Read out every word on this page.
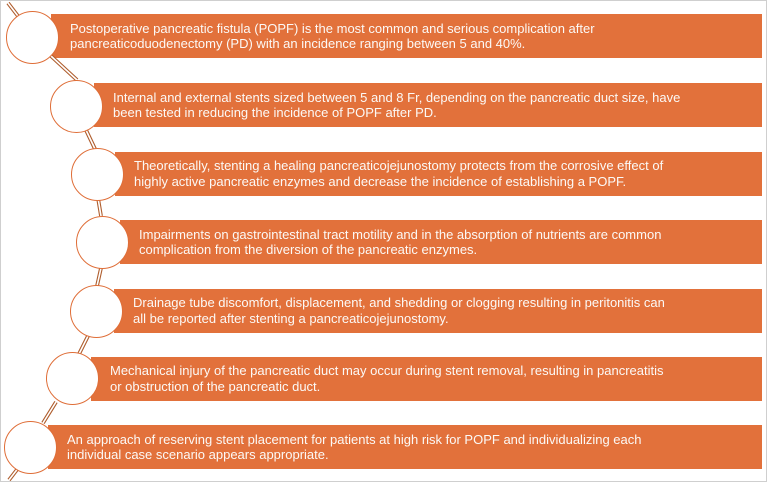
Postoperative pancreatic fistula (POPF) is the most common and serious complication after
pancreaticoduodenectomy (PD) with an incidence ranging between 5 and 40%.
Internal and external stents sized between 5 and 8 Fr, depending on the pancreatic duct size, have
been tested in reducing the incidence of POPF after PD.
Theoretically, stenting a healing pancreaticojejunostomy protects from the corrosive effect of
highly active pancreatic enzymes and decrease the incidence of establishing a POPF.
Impairments on gastrointestinal tract motility and in the absorption of nutrients are common
complication from the diversion of the pancreatic enzymes.
Drainage tube discomfort, displacement, and shedding or clogging resulting in peritonitis can
all be reported after stenting a pancreaticojejunostomy.
Mechanical injury of the pancreatic duct may occur during stent removal, resulting in pancreatitis
or obstruction of the pancreatic duct.
An approach of reserving stent placement for patients at high risk for POPF and individualizing each
individual case scenario appears appropriate.
